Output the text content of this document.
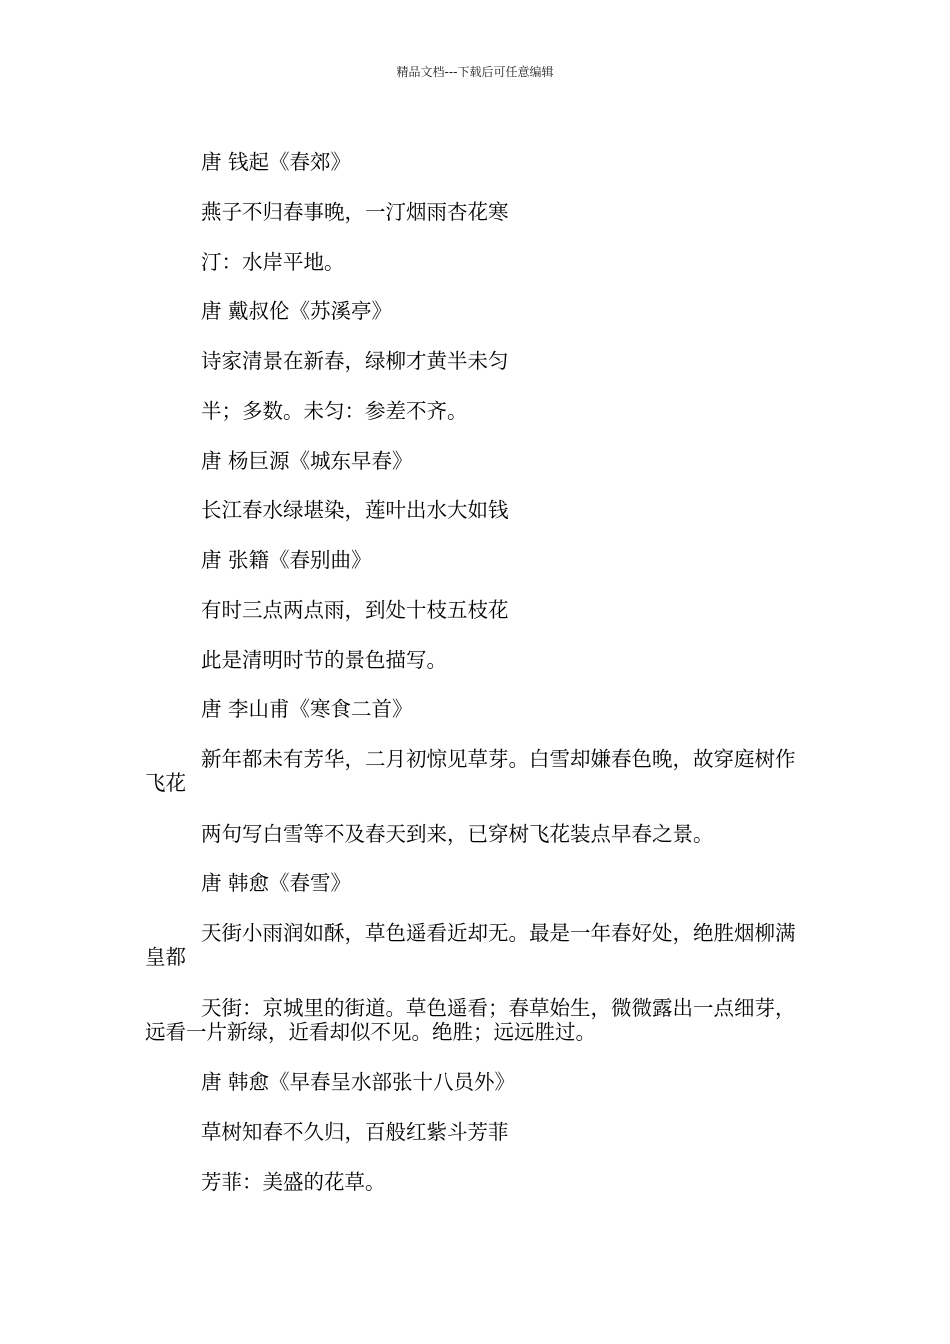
精品文档---下载后可任意编辑
唐 钱起《春郊》
燕子不归春事晚，一汀烟雨杏花寒
汀：水岸平地。
唐 戴叔伦《苏溪亭》
诗家清景在新春，绿柳才黄半未匀
半；多数。未匀：参差不齐。
唐 杨巨源《城东早春》
长江春水绿堪染，莲叶出水大如钱
唐 张籍《春别曲》
有时三点两点雨，到处十枝五枝花
此是清明时节的景色描写。
唐 李山甫《寒食二首》
新年都未有芳华，二月初惊见草芽。白雪却嫌春色晚，故穿庭树作飞花
两句写白雪等不及春天到来，已穿树飞花装点早春之景。
唐 韩愈《春雪》
天街小雨润如酥，草色遥看近却无。最是一年春好处，绝胜烟柳满皇都
天街：京城里的街道。草色遥看；春草始生，微微露出一点细芽，远看一片新绿，近看却似不见。绝胜；远远胜过。
唐 韩愈《早春呈水部张十八员外》
草树知春不久归，百般红紫斗芳菲
芳菲：美盛的花草。
